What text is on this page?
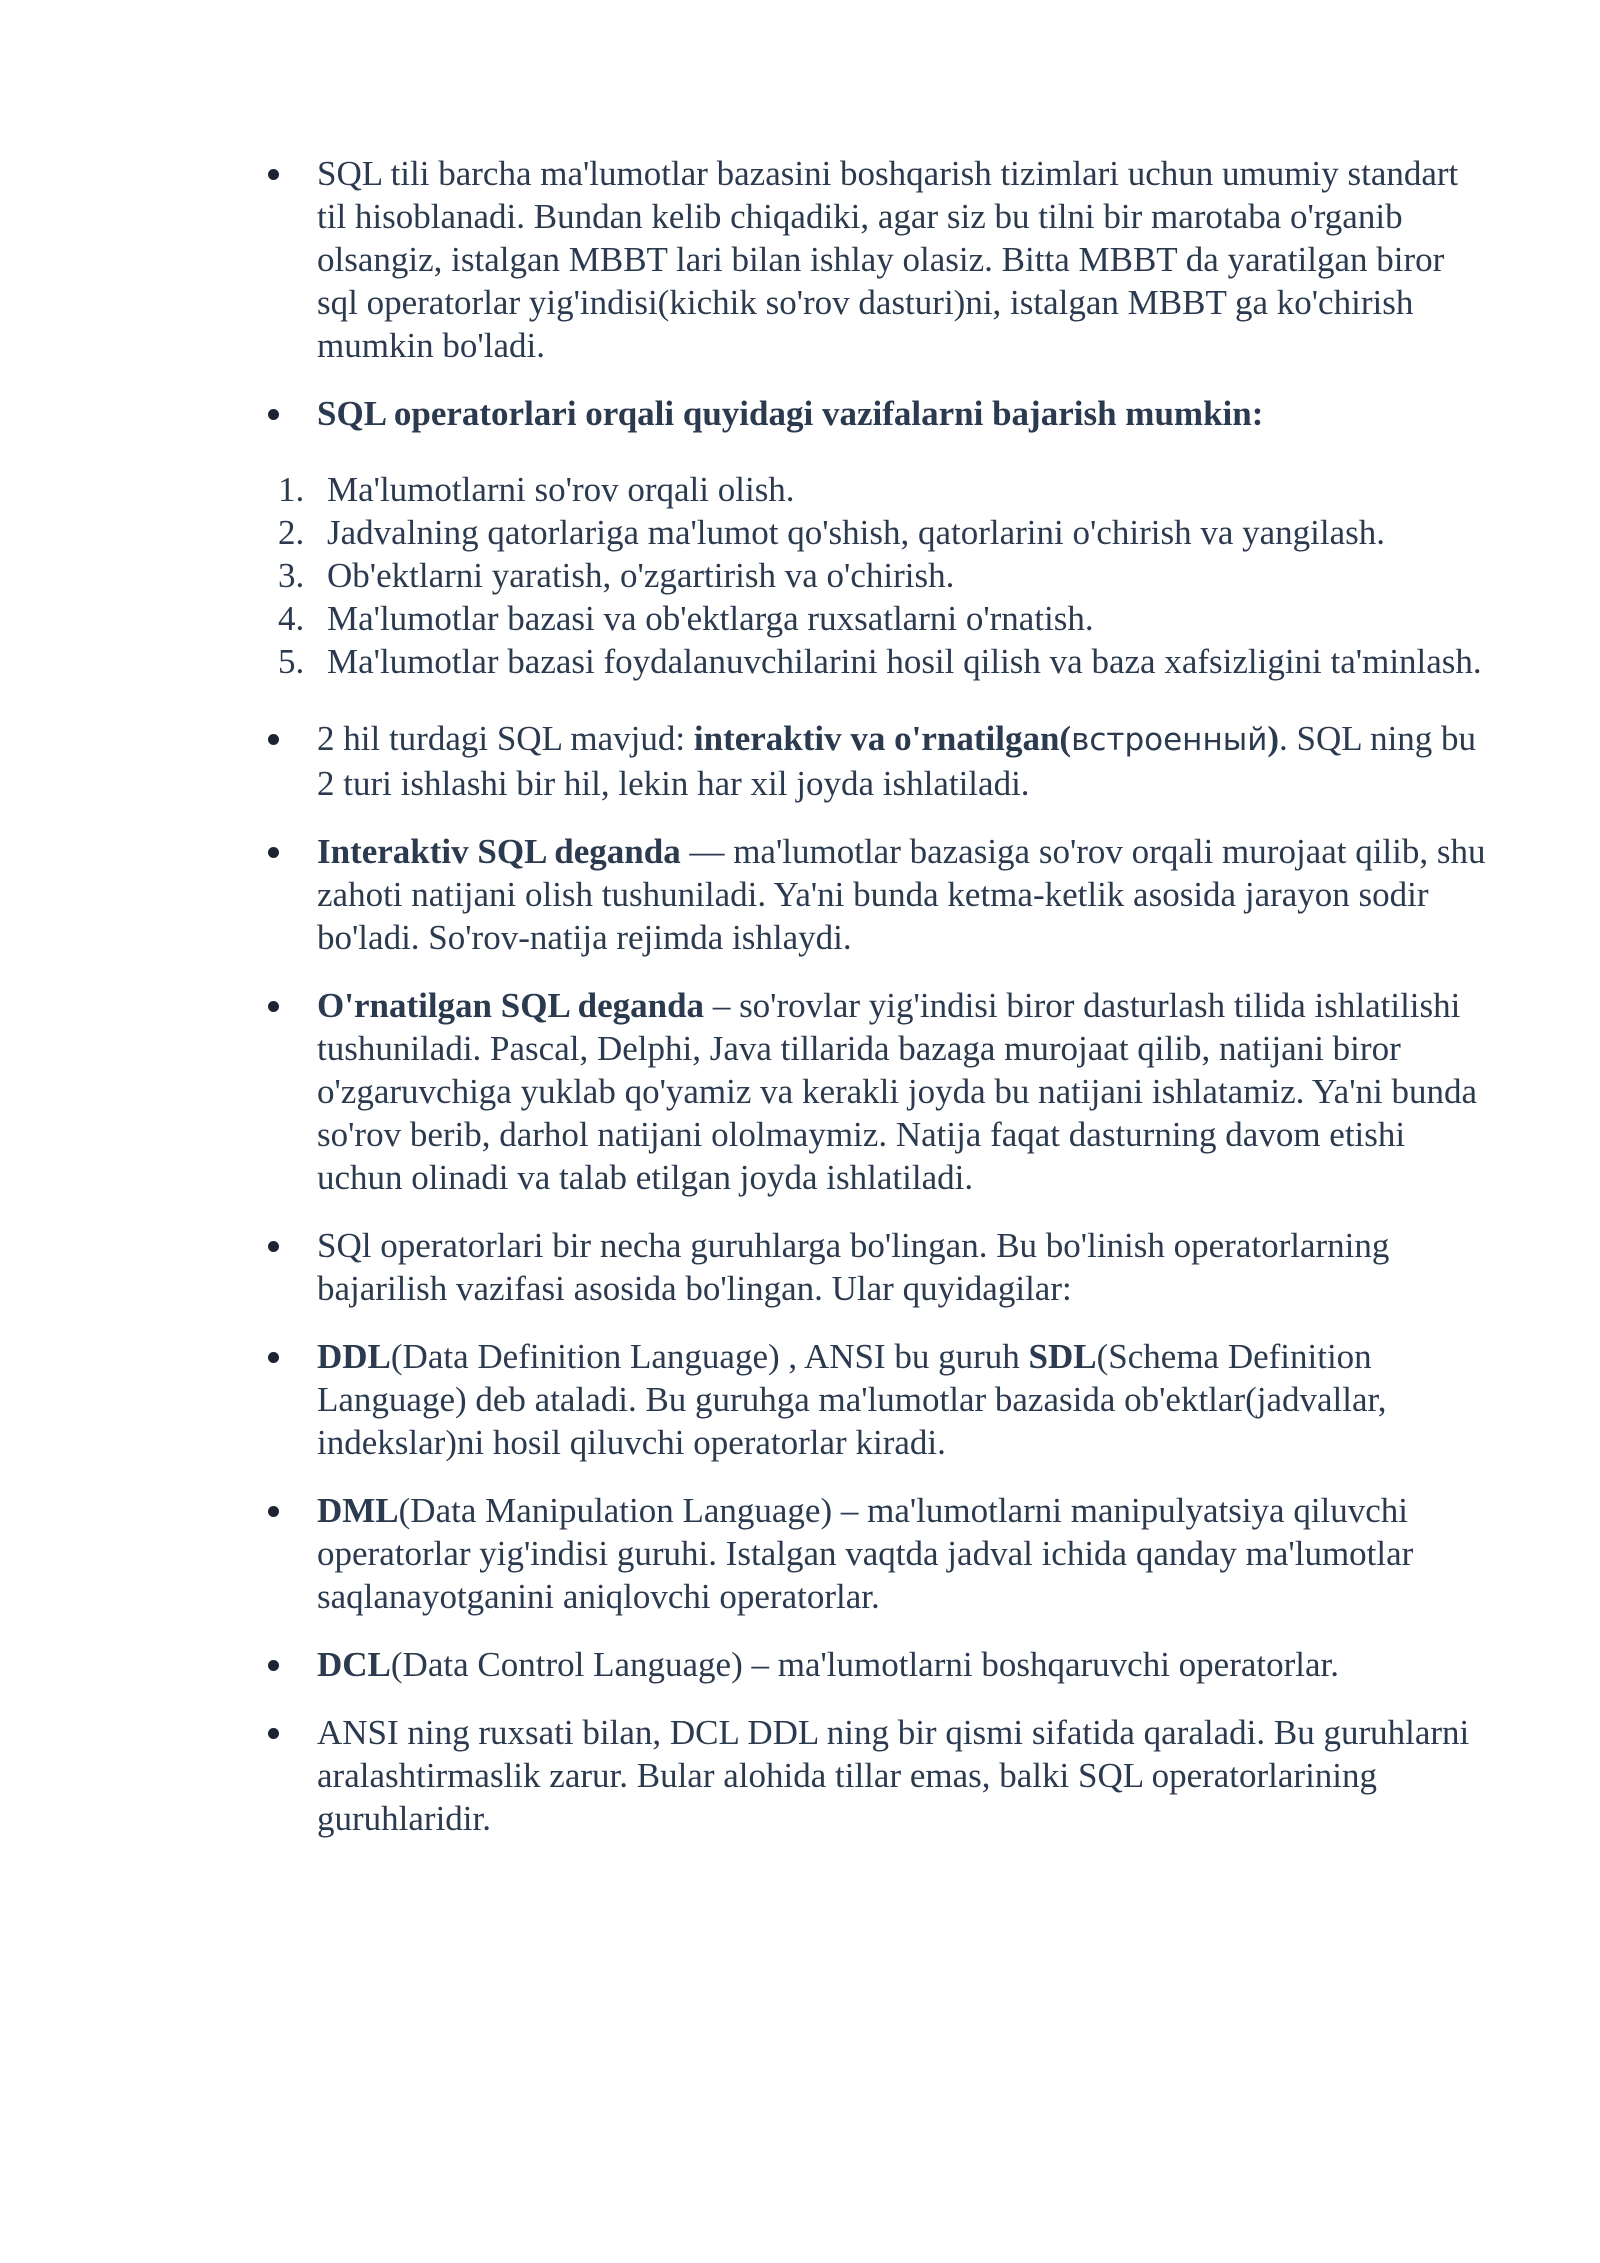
SQL tili barcha ma'lumotlar bazasini boshqarish tizimlari uchun umumiy standart til hisoblanadi. Bundan kelib chiqadiki, agar siz bu tilni bir marotaba o'rganib olsangiz, istalgan MBBT lari bilan ishlay olasiz. Bitta MBBT da yaratilgan biror sql operatorlar yig'indisi(kichik so'rov dasturi)ni, istalgan MBBT ga ko'chirish mumkin bo'ladi.
SQL operatorlari orqali quyidagi vazifalarni bajarish mumkin:
1. Ma'lumotlarni so'rov orqali olish.
2. Jadvalning qatorlariga ma'lumot qo'shish, qatorlarini o'chirish va yangilash.
3. Ob'ektlarni yaratish, o'zgartirish va o'chirish.
4. Ma'lumotlar bazasi va ob'ektlarga ruxsatlarni o'rnatish.
5. Ma'lumotlar bazasi foydalanuvchilarini hosil qilish va baza xafsizligini ta'minlash.
2 hil turdagi SQL mavjud: interaktiv va o'rnatilgan(встроенный). SQL ning bu 2 turi ishlashi bir hil, lekin har xil joyda ishlatiladi.
Interaktiv SQL deganda — ma'lumotlar bazasiga so'rov orqali murojaat qilib, shu zahoti natijani olish tushuniladi. Ya'ni bunda ketma-ketlik asosida jarayon sodir bo'ladi. So'rov-natija rejimda ishlaydi.
O'rnatilgan SQL deganda – so'rovlar yig'indisi biror dasturlash tilida ishlatilishi tushuniladi. Pascal, Delphi, Java tillarida bazaga murojaat qilib, natijani biror o'zgaruvchiga yuklab qo'yamiz va kerakli joyda bu natijani ishlatamiz. Ya'ni bunda so'rov berib, darhol natijani ololmaymiz. Natija faqat dasturning davom etishi uchun olinadi va talab etilgan joyda ishlatiladi.
SQl operatorlari bir necha guruhlarga bo'lingan. Bu bo'linish operatorlarning bajarilish vazifasi asosida bo'lingan. Ular quyidagilar:
DDL(Data Definition Language) , ANSI bu guruh SDL(Schema Definition Language) deb ataladi. Bu guruhga ma'lumotlar bazasida ob'ektlar(jadvallar, indekslar)ni hosil qiluvchi operatorlar kiradi.
DML(Data Manipulation Language) – ma'lumotlarni manipulyatsiya qiluvchi operatorlar yig'indisi guruhi. Istalgan vaqtda jadval ichida qanday ma'lumotlar saqlanayotganini aniqlovchi operatorlar.
DCL(Data Control Language) – ma'lumotlarni boshqaruvchi operatorlar.
ANSI ning ruxsati bilan, DCL DDL ning bir qismi sifatida qaraladi. Bu guruhlarni aralashtirmaslik zarur. Bular alohida tillar emas, balki SQL operatorlarining guruhlaridir.
